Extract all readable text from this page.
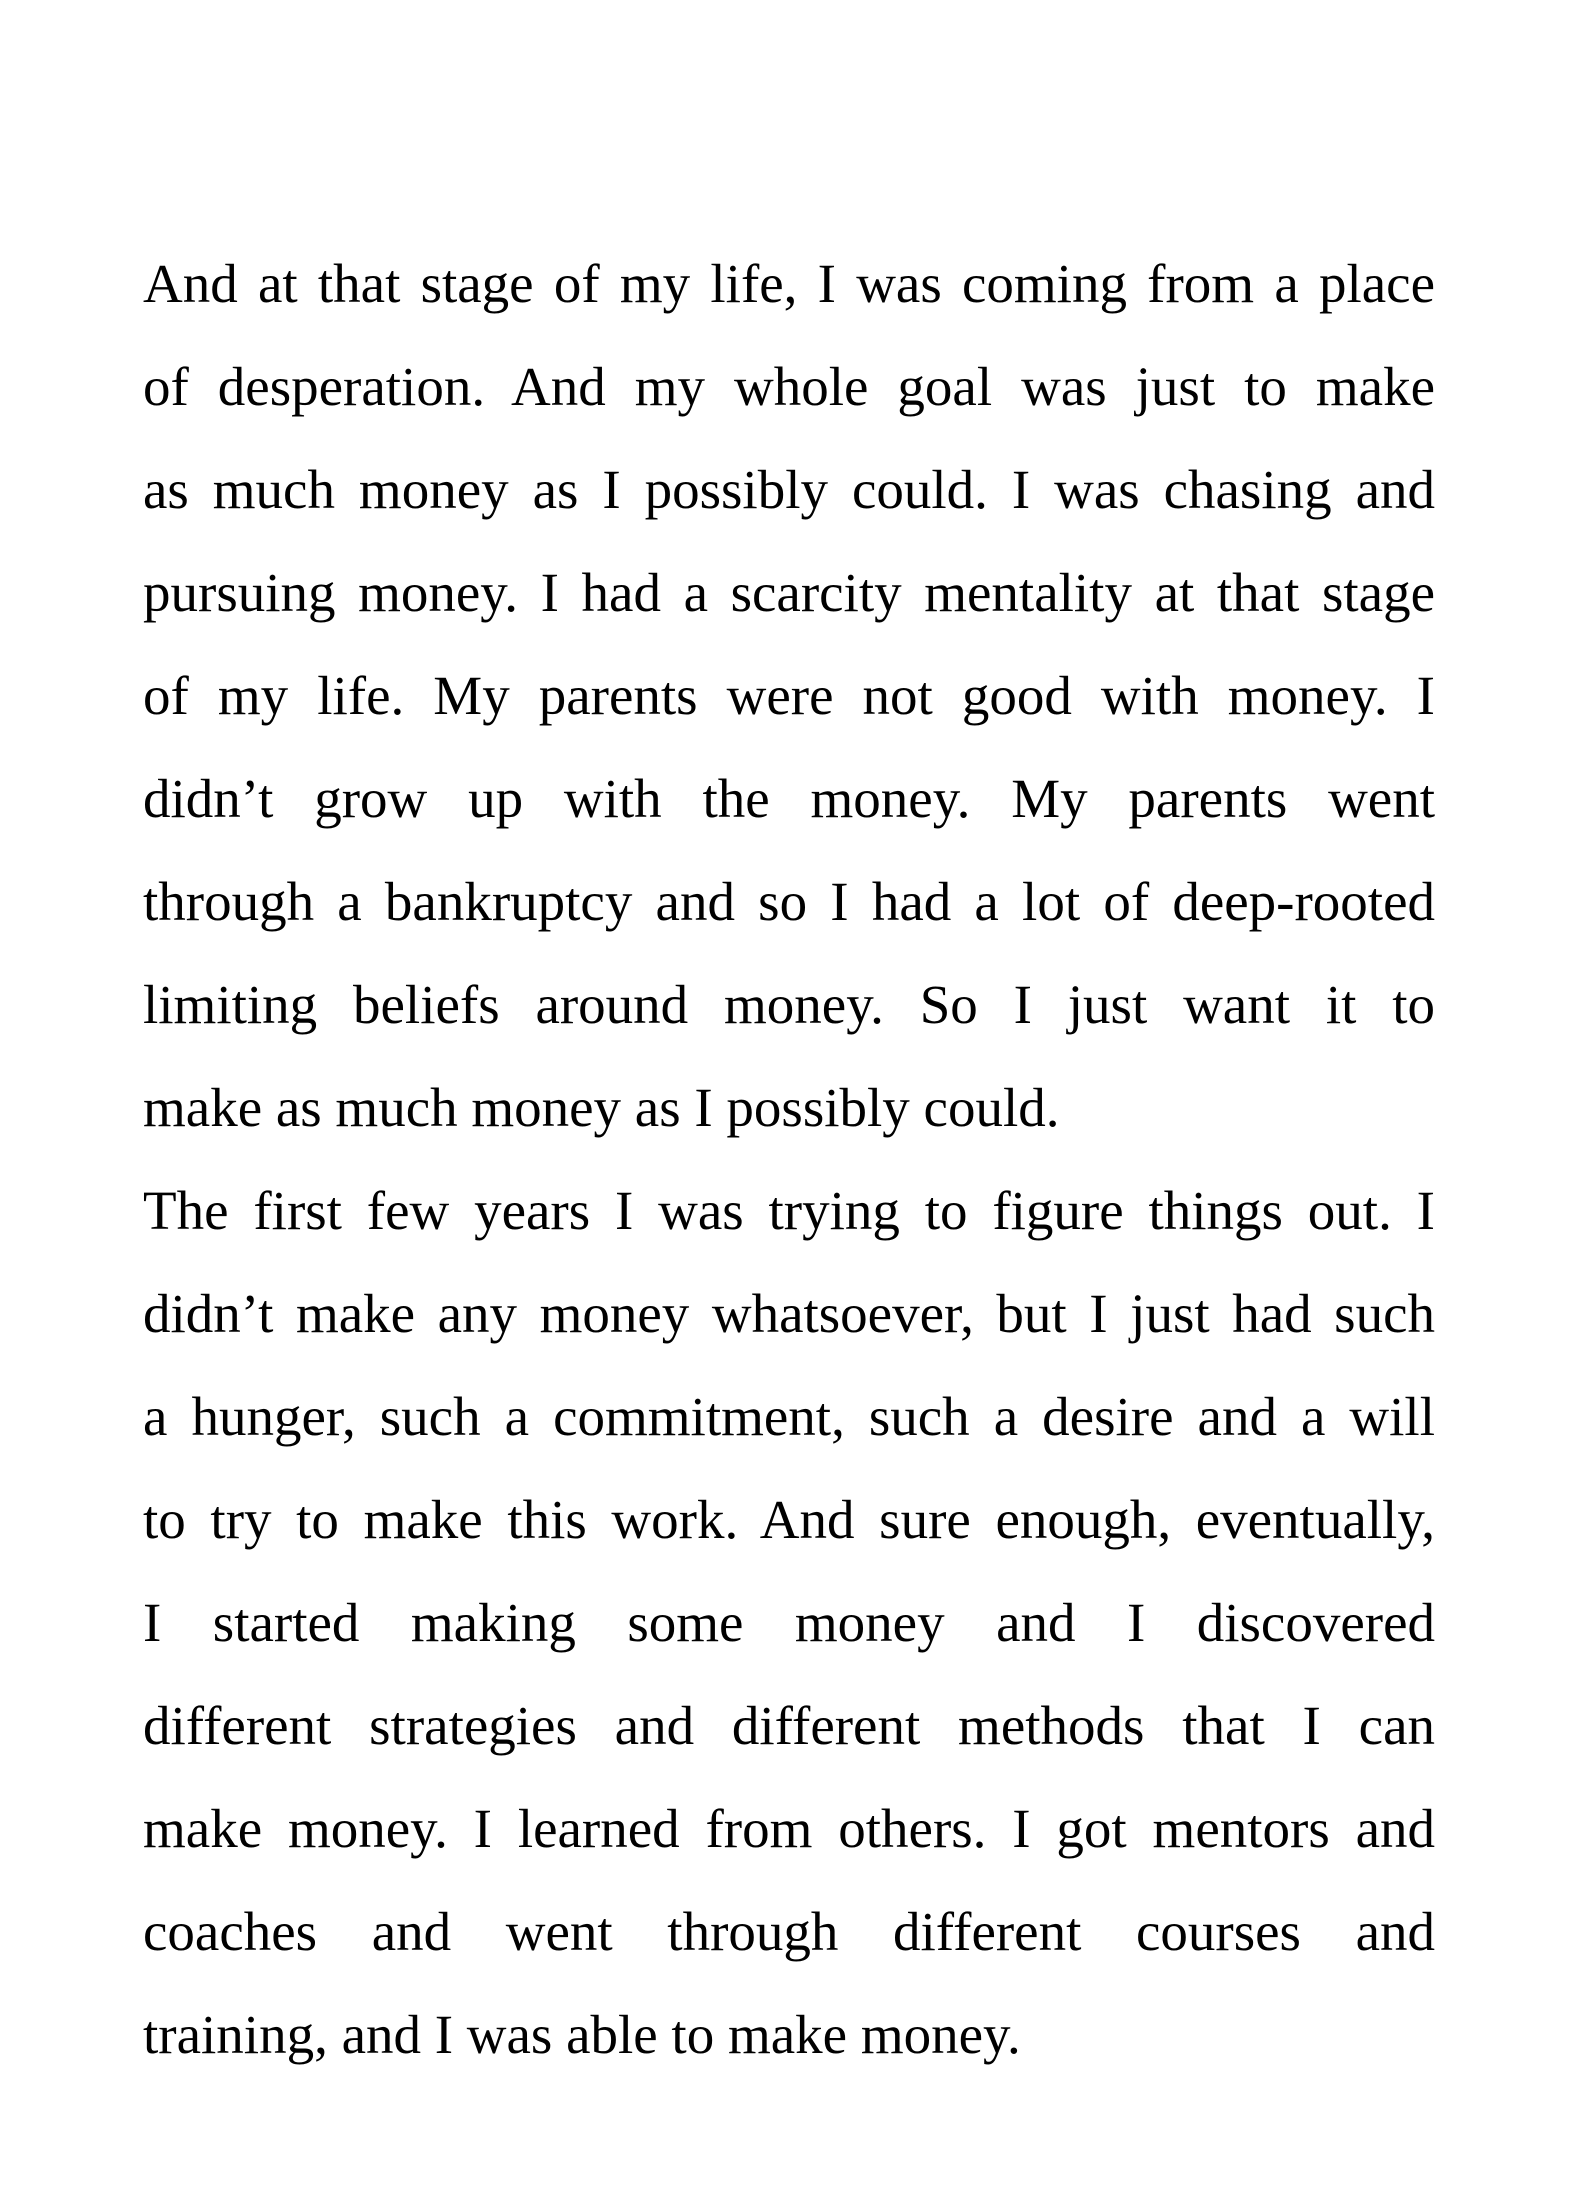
And at that stage of my life, I was coming from a place
of desperation. And my whole goal was just to make
as much money as I possibly could. I was chasing and
pursuing money. I had a scarcity mentality at that stage
of my life. My parents were not good with money. I
didn’t grow up with the money. My parents went
through a bankruptcy and so I had a lot of deep-rooted
limiting beliefs around money. So I just want it to
make as much money as I possibly could.
The first few years I was trying to figure things out. I
didn’t make any money whatsoever, but I just had such
a hunger, such a commitment, such a desire and a will
to try to make this work. And sure enough, eventually,
I started making some money and I discovered
different strategies and different methods that I can
make money. I learned from others. I got mentors and
coaches and went through different courses and
training, and I was able to make money.
